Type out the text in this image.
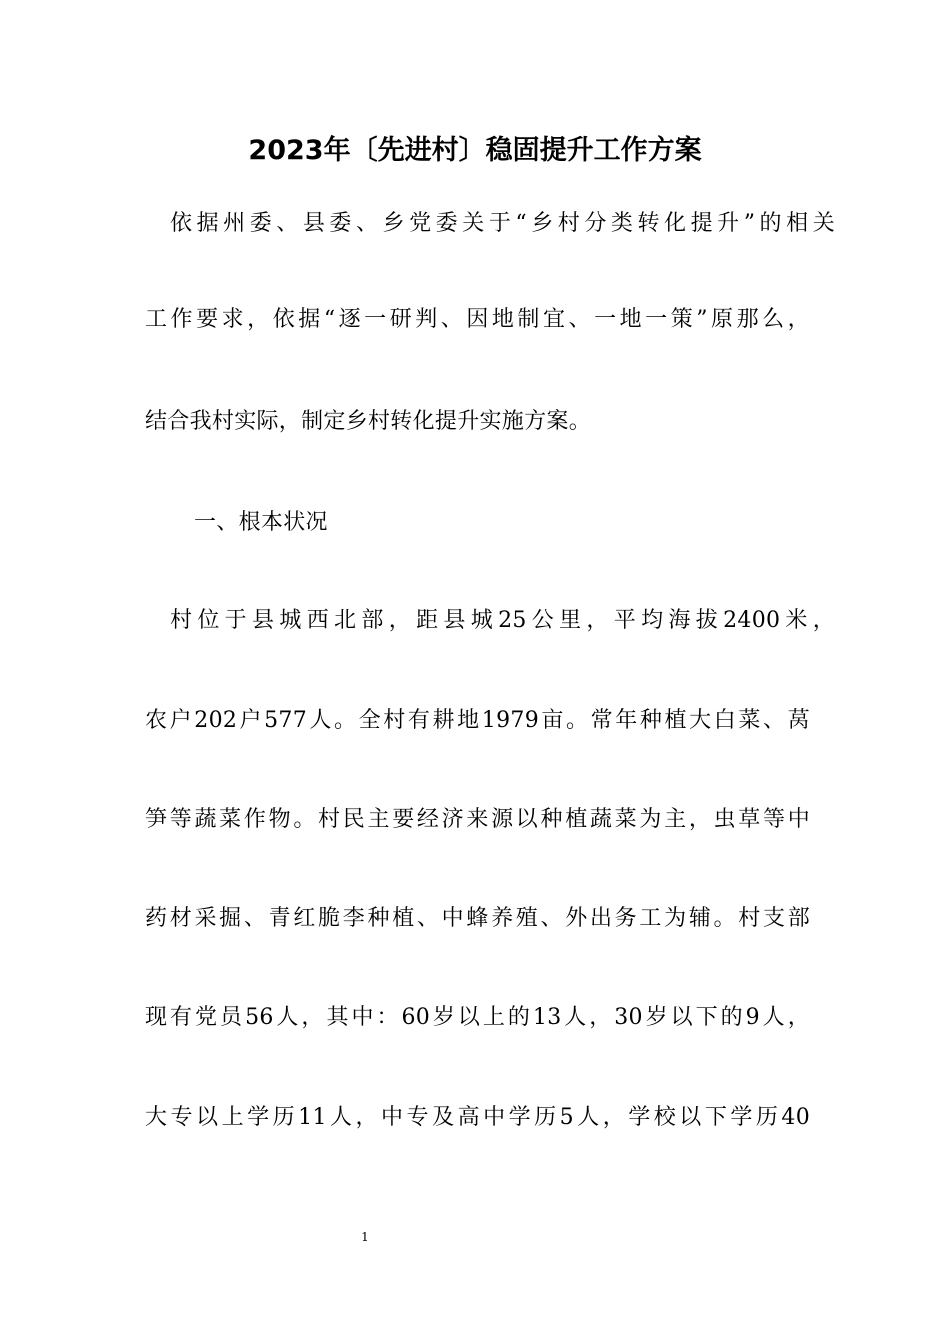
2023年〔先进村〕稳固提升工作方案
依据州委、县委、乡党委关于“乡村分类转化提升”的相关
工作要求，依据“逐一研判、因地制宜、一地一策”原那么，
结合我村实际，制定乡村转化提升实施方案。
一、根本状况
村位于县城西北部，距县城25公里，平均海拔2400米，
农户202户577人。全村有耕地1979亩。常年种植大白菜、莴
笋等蔬菜作物。村民主要经济来源以种植蔬菜为主，虫草等中
药材采掘、青红脆李种植、中蜂养殖、外出务工为辅。村支部
现有党员56人，其中：60岁以上的13人，30岁以下的9人，
大专以上学历11人，中专及高中学历5人，学校以下学历40
1
